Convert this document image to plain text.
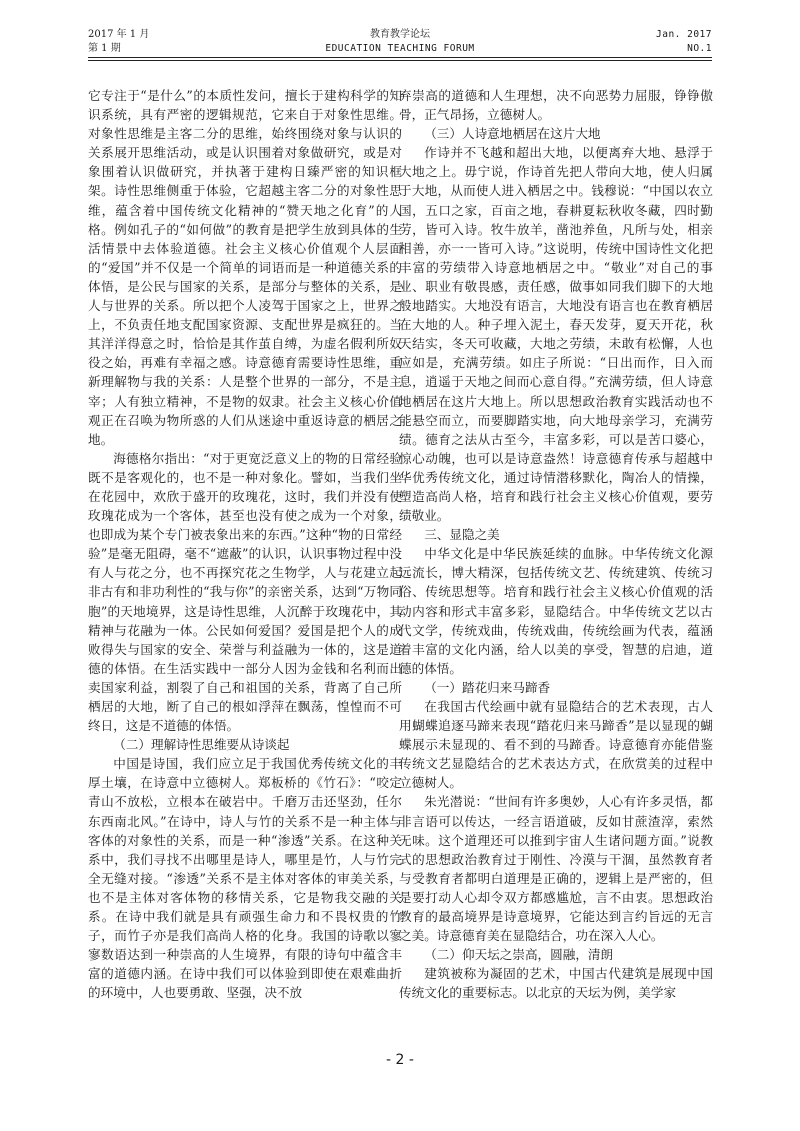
2017 年 1 月	教育教学论坛	Jan. 2017
第 1 期	EDUCATION TEACHING FORUM	NO.1

它专注于“是什么”的本质性发问，擅长于建构科学的知识系统，具有严密的逻辑规范，它来自于对象性思维。对象性思维是主客二分的思维，始终围绕对象与认识的关系展开思维活动，或是认识围着对象做研究，或是对象围着认识做研究，并执著于建构日臻严密的知识框架。诗性思维侧重于体验，它超越主客二分的对象性思维，蕴含着中国传统文化精神的“赞天地之化育”的人格。例如孔子的“如何做”的教育是把学生放到具体的生活情景中去体验道德。社会主义核心价值观个人层面的“爱国”并不仅是一个简单的词语而是一种道德关系的体悟，是公民与国家的关系，是部分与整体的关系，是人与世界的关系。所以把个人凌驾于国家之上，世界之上，不负责任地支配国家资源、支配世界是疯狂的。当其洋洋得意之时，恰恰是其作茧自缚，为虚名假利所奴役之始，再难有幸福之感。诗意德育需要诗性思维，重新理解物与我的关系：人是整个世界的一部分，不是主宰；人有独立精神，不是物的奴隶。社会主义核心价值观正在召唤为物所惑的人们从迷途中重返诗意的栖居之地。

海德格尔指出：“对于更宽泛意义上的物的日常经验既不是客观化的，也不是一种对象化。譬如，当我们坐在花园中，欢欣于盛开的玫瑰花，这时，我们并没有使玫瑰花成为一个客体，甚至也没有使之成为一个对象，也即成为某个专门被表象出来的东西。”这种“物的日常经验”是毫无阻碍，毫不“遮蔽”的认识，认识事物过程中没有人与花之分，也不再探究花之生物学，人与花建立起非古有和非功利性的“我与你”的亲密关系，达到“万物同胞”的天地境界，这是诗性思维，人沉醉于玫瑰花中，其精神与花融为一体。公民如何爱国？爱国是把个人的成败得失与国家的安全、荣誉与利益融为一体的，这是道德的体悟。在生活实践中一部分人因为金钱和名利而出卖国家利益，割裂了自己和祖国的关系，背离了自己所栖居的大地，断了自己的根如浮萍在飘荡，惶惶而不可终日，这是不道德的体悟。

（二）理解诗性思维要从诗谈起

中国是诗国，我们应立足于我国优秀传统文化的丰厚土壤，在诗意中立德树人。郑板桥的《竹石》：“咬定青山不放松，立根本在破岩中。千磨万击还坚劲，任尔东西南北风。”在诗中，诗人与竹的关系不是一种主体与客体的对象性的关系，而是一种“渗透”关系。在这种关系中，我们寻找不出哪里是诗人，哪里是竹，人与竹完全无缝对接。“渗透”关系不是主体对客体的审美关系，也不是主体对客体物的移情关系，它是物我交融的关系。在诗中我们就是具有顽强生命力和不畏权贵的竹子，而竹子亦是我们高尚人格的化身。我国的诗歌以寥寥数语达到一种崇高的人生境界，有限的诗句中蕴含丰富的道德内涵。在诗中我们可以体验到即使在艰难曲折的环境中，人也要勇敢、坚强，决不放

弃崇高的道德和人生理想，决不向恶势力屈服，铮铮傲骨，正气昂扬，立德树人。

（三）人诗意地栖居在这片大地

作诗并不飞越和超出大地，以便离弃大地、悬浮于大地之上。毋宁说，作诗首先把人带向大地，使人归属于大地，从而使人进入栖居之中。钱穆说：“中国以农立国，五口之家，百亩之地，春耕夏耘秋收冬藏，四时勤劳，皆可入诗。牧牛放羊，凿池养鱼，凡所与处，相亲相善，亦一一皆可入诗。”这说明，传统中国诗性文化把丰富的劳绩带入诗意地栖居之中。“敬业”对自己的事业、职业有敬畏感，责任感，做事如同我们脚下的大地般地踏实。大地没有语言，大地没有语言也在教育栖居在大地的人。种子埋入泥土，春天发芽，夏天开花，秋天结实，冬天可收藏，大地之劳绩，未敢有松懈，人也应如是，充满劳绩。如庄子所说：“日出而作，日入而息，逍遥于天地之间而心意自得。”充满劳绩，但人诗意地栖居在这片大地上。所以思想政治教育实践活动也不能悬空而立，而要脚踏实地，向大地母亲学习，充满劳绩。德育之法从古至今，丰富多彩，可以是苦口婆心，惊心动魄，也可以是诗意盎然！诗意德育传承与超越中华优秀传统文化，通过诗情潜移默化，陶冶人的情操，塑造高尚人格，培育和践行社会主义核心价值观，要劳绩敬业。

三、显隐之美

中华文化是中华民族延续的血脉。中华传统文化源远流长，博大精深，包括传统文艺、传统建筑、传统习俗、传统思想等。培育和践行社会主义核心价值观的活动内容和形式丰富多彩，显隐结合。中华传统文艺以古代文学，传统戏曲，传统戏曲，传统绘画为代表，蕴涵着丰富的文化内涵，给人以美的享受，智慧的启迪，道德的体悟。

（一）踏花归来马蹄香

在我国古代绘画中就有显隐结合的艺术表现，古人用蝴蝶追逐马蹄来表现“踏花归来马蹄香”是以显现的蝴蝶展示未显现的、看不到的马蹄香。诗意德育亦能借鉴传统文艺显隐结合的艺术表达方式，在欣赏美的过程中立德树人。

朱光潜说：“世间有许多奥妙，人心有许多灵悟，都非言语可以传达，一经言语道破，反如甘蔗渣滓，索然无味。这个道理还可以推到宇宙人生诸问题方面。”说教式的思想政治教育过于刚性、冷漠与干涸，虽然教育者与受教育者都明白道理是正确的，逻辑上是严密的，但是要打动人心却令双方都感尴尬，言不由衷。思想政治教育的最高境界是诗意境界，它能达到言约旨远的无言之美。诗意德育美在显隐结合，功在深入人心。

（二）仰天坛之崇高，圆融，清朗

建筑被称为凝固的艺术，中国古代建筑是展现中国传统文化的重要标志。以北京的天坛为例，美学家

- 2 -
